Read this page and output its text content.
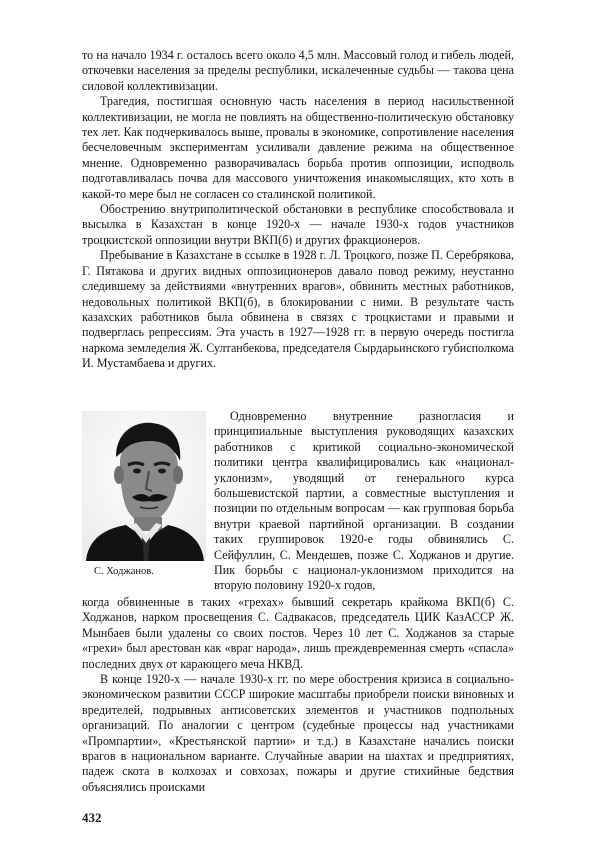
то на начало 1934 г. осталось всего около 4,5 млн. Массовый голод и гибель людей, откочевки населения за пределы республики, искалеченные судьбы — такова цена силовой коллективизации.

Трагедия, постигшая основную часть населения в период насильственной коллективизации, не могла не повлиять на общественно-политическую обстановку тех лет. Как подчеркивалось выше, провалы в экономике, сопротивление населения бесчеловечным экспериментам усиливали давление режима на общественное мнение. Одновременно разворачивалась борьба против оппозиции, исподволь подготавливалась почва для массового уничтожения инакомыслящих, кто хоть в какой-то мере был не согласен со сталинской политикой.

Обострению внутриполитической обстановки в республике способствовала и высылка в Казахстан в конце 1920-х — начале 1930-х годов участников троцкистской оппозиции внутри ВКП(б) и других фракционеров.

Пребывание в Казахстане в ссылке в 1928 г. Л. Троцкого, позже П. Серебрякова, Г. Пятакова и других видных оппозиционеров давало повод режиму, неустанно следившему за действиями «внутренних врагов», обвинить местных работников, недовольных политикой ВКП(б), в блокировании с ними. В результате часть казахских работников была обвинена в связях с троцкистами и правыми и подверглась репрессиям. Эта участь в 1927—1928 гг. в первую очередь постигла наркома земледелия Ж. Султанбекова, председателя Сырдарьинского губисполкома И. Мустамбаева и других.

С. Ходжанов.

Одновременно внутренние разногласия и принципиальные выступления руководящих казахских работников с критикой социально-экономической политики центра квалифицировались как «национал-уклонизм», уводящий от генерального курса большевистской партии, а совместные выступления и позиции по отдельным вопросам — как групповая борьба внутри краевой партийной организации. В создании таких группировок 1920-е годы обвинялись С. Сейфуллин, С. Мендешев, позже С. Ходжанов и другие. Пик борьбы с национал-уклонизмом приходится на вторую половину 1920-х годов,

когда обвиненные в таких «грехах» бывший секретарь крайкома ВКП(б) С. Ходжанов, нарком просвещения С. Садвакасов, председатель ЦИК КазАССР Ж. Мынбаев были удалены со своих постов. Через 10 лет С. Ходжанов за старые «грехи» был арестован как «враг народа», лишь преждевременная смерть «спасла» последних двух от карающего меча НКВД.

В конце 1920-х — начале 1930-х гг. по мере обострения кризиса в социально-экономическом развитии СССР широкие масштабы приобрели поиски виновных и вредителей, подрывных антисоветских элементов и участников подпольных организаций. По аналогии с центром (судебные процессы над участниками «Промпартии», «Крестьянской партии» и т.д.) в Казахстане начались поиски врагов в национальном варианте. Случайные аварии на шахтах и предприятиях, падеж скота в колхозах и совхозах, пожары и другие стихийные бедствия объяснялись происками

432
